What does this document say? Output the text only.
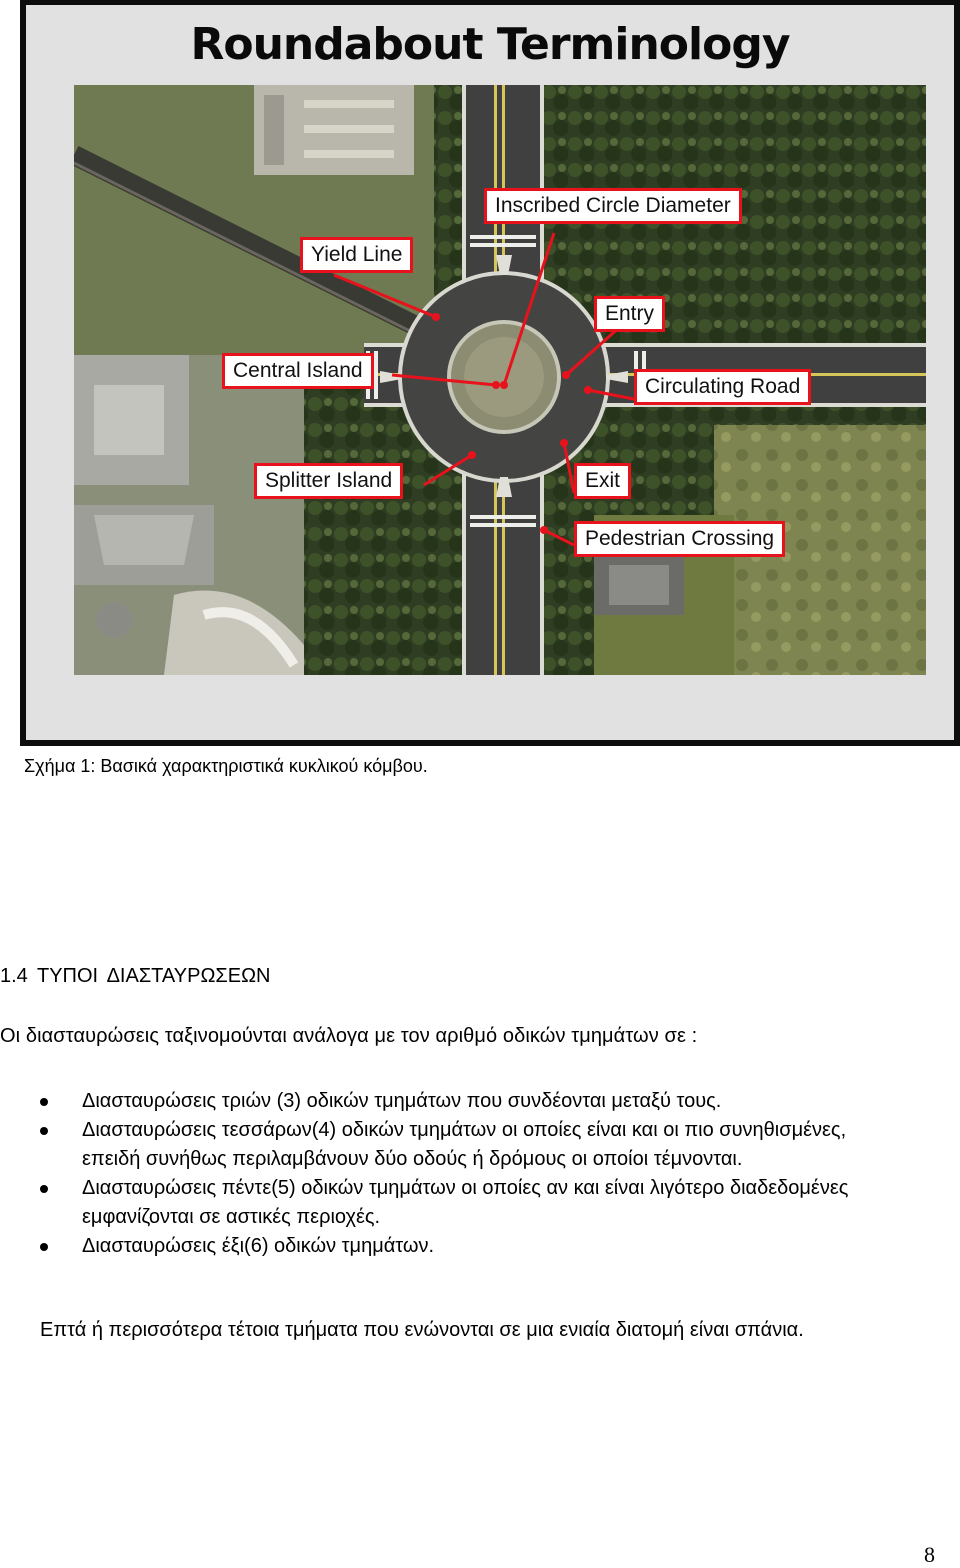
Roundabout Terminology
Inscribed Circle Diameter
Yield Line
Entry
Central Island
Circulating Road
Splitter Island	Exit
Pedestrian Crossing
Σχήμα 1: Βασικά χαρακτηριστικά κυκλικού κόμβου.
1.4 ΤΥΠΟΙ ΔΙΑΣΤΑΥΡΩΣΕΩΝ
Οι διασταυρώσεις ταξινομούνται ανάλογα με τον αριθμό οδικών τμημάτων σε :
Διασταυρώσεις τριών (3) οδικών τμημάτων που συνδέονται μεταξύ τους.
Διασταυρώσεις τεσσάρων(4) οδικών τμημάτων οι οποίες είναι και οι πιο συνηθισμένες, επειδή συνήθως περιλαμβάνουν δύο οδούς ή δρόμους οι οποίοι τέμνονται.
Διασταυρώσεις πέντε(5) οδικών τμημάτων οι οποίες αν και είναι λιγότερο διαδεδομένες εμφανίζονται σε αστικές περιοχές.
Διασταυρώσεις έξι(6) οδικών τμημάτων.
Επτά ή περισσότερα τέτοια τμήματα που ενώνονται σε μια ενιαία διατομή είναι σπάνια.
8
